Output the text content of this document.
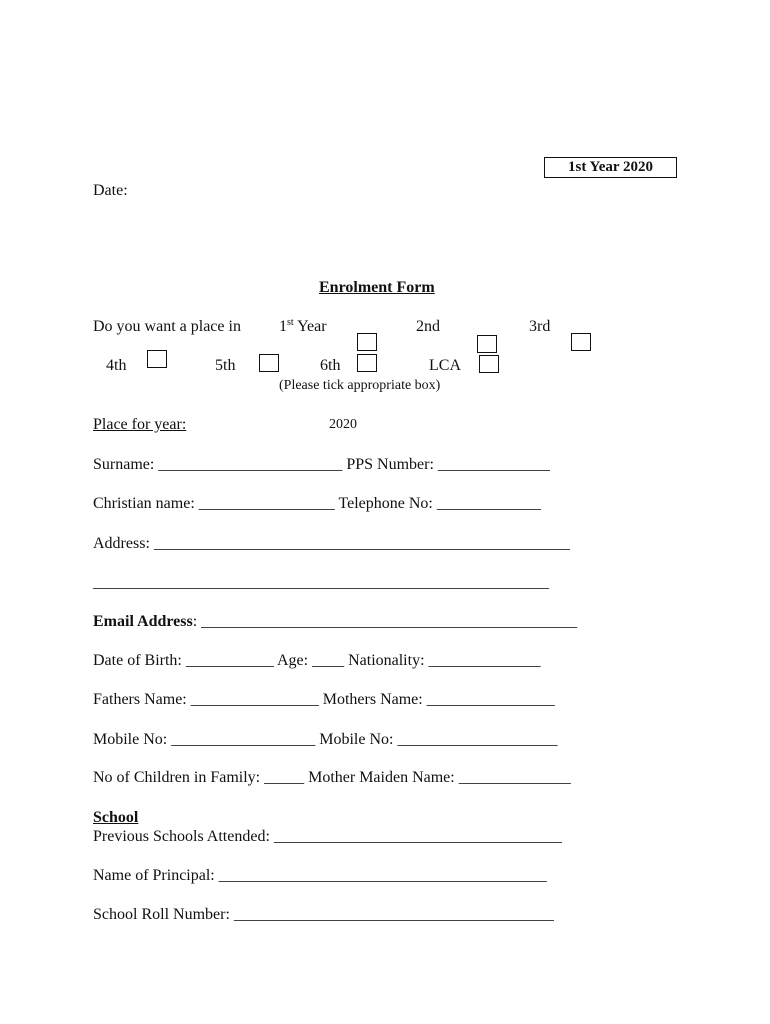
1st Year 2020
Date:
Enrolment Form
Do you want a place in 1st Year	2nd	3rd
4th	5th	6th	LCA
(Please tick appropriate box)
Place for year:	2020
Surname: _______________________ PPS Number: ______________
Christian name: _________________ Telephone No: _____________
Address: ____________________________________________________
_________________________________________________________
Email Address: _______________________________________________
Date of Birth: ___________ Age: ____ Nationality: ______________
Fathers Name: ________________ Mothers Name: ________________
Mobile No: __________________ Mobile No: ____________________
No of Children in Family: _____ Mother Maiden Name: ______________
School
Previous Schools Attended: ____________________________________
Name of Principal: _________________________________________
School Roll Number: ________________________________________
